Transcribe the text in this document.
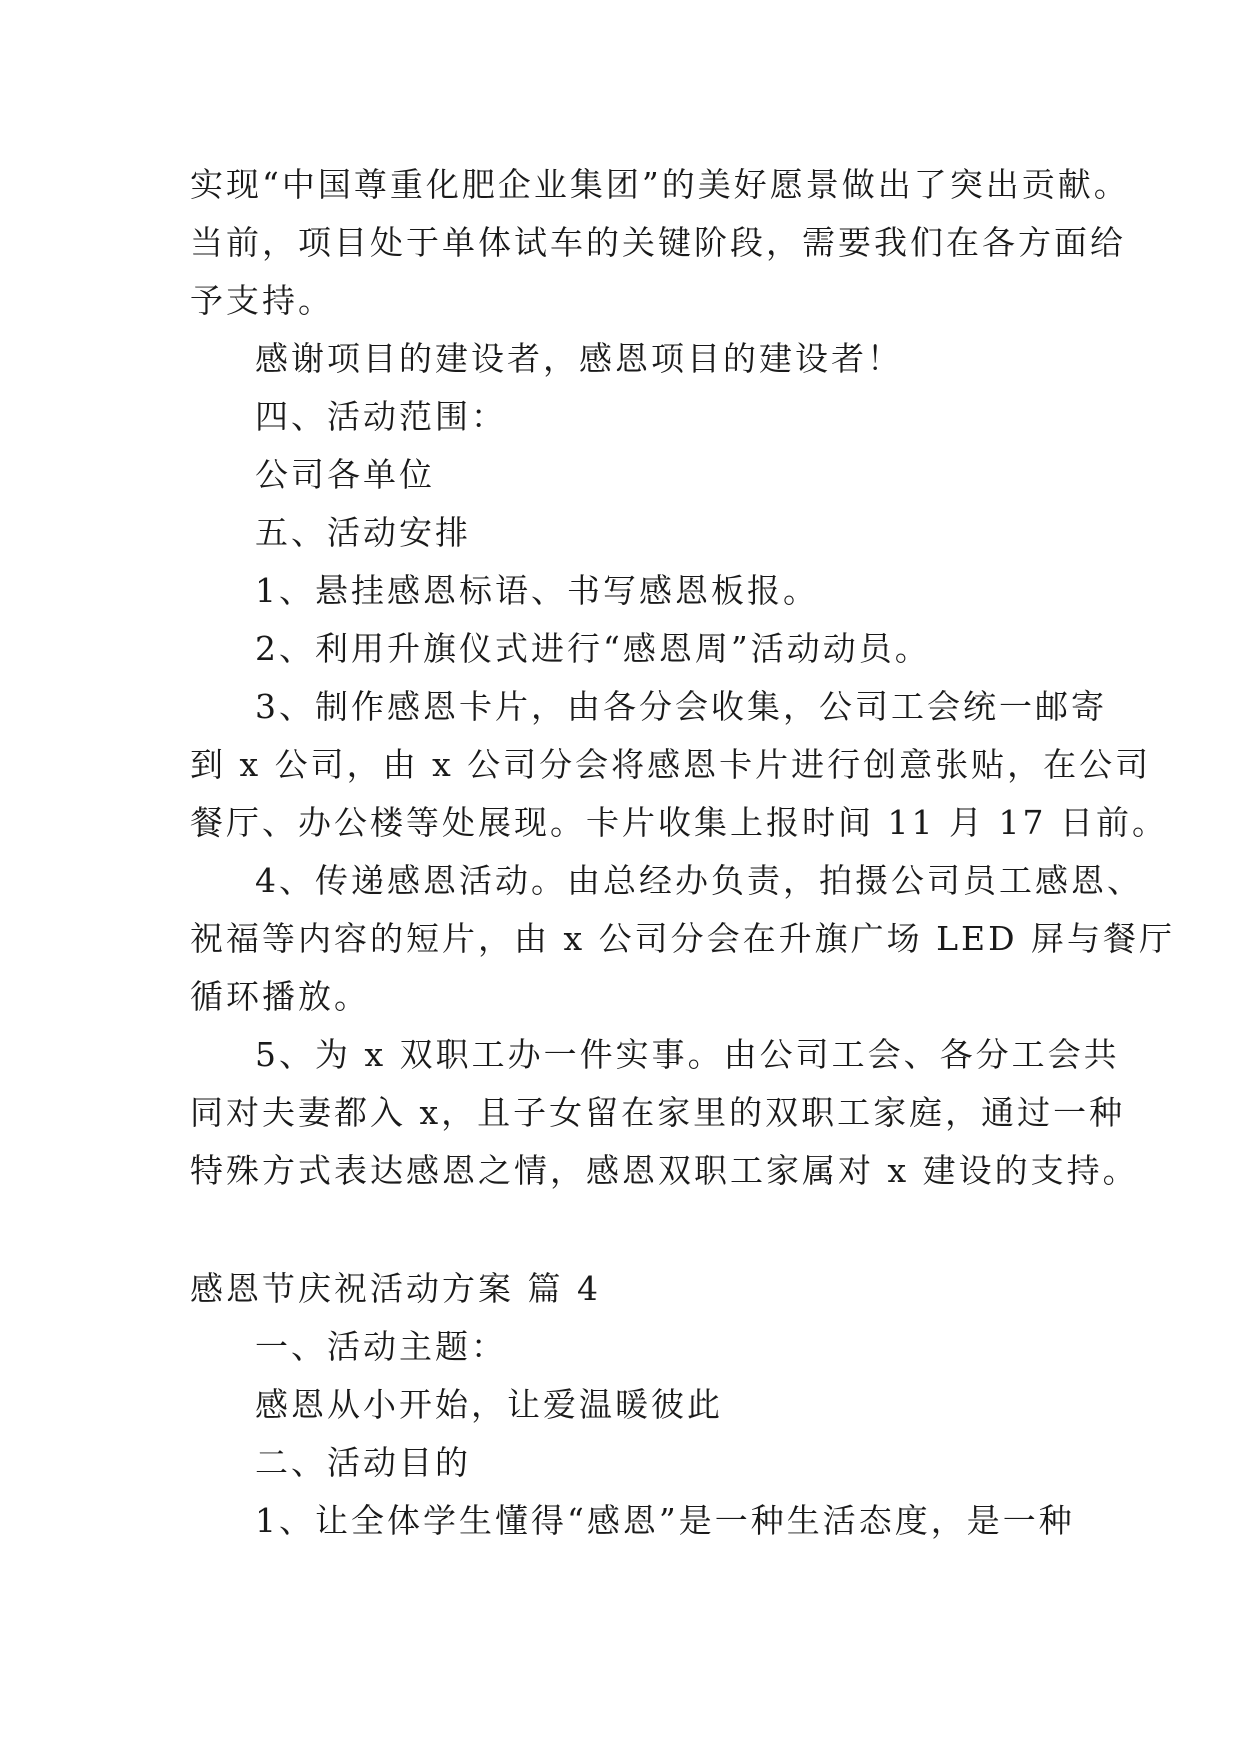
实现“中国尊重化肥企业集团”的美好愿景做出了突出贡献。
当前，项目处于单体试车的关键阶段，需要我们在各方面给
予支持。
感谢项目的建设者，感恩项目的建设者！
四、活动范围：
公司各单位
五、活动安排
1、悬挂感恩标语、书写感恩板报。
2、利用升旗仪式进行“感恩周”活动动员。
3、制作感恩卡片，由各分会收集，公司工会统一邮寄
到 x 公司，由 x 公司分会将感恩卡片进行创意张贴，在公司
餐厅、办公楼等处展现。卡片收集上报时间 11 月 17 日前。
4、传递感恩活动。由总经办负责，拍摄公司员工感恩、
祝福等内容的短片，由 x 公司分会在升旗广场 LED 屏与餐厅
循环播放。
5、为 x 双职工办一件实事。由公司工会、各分工会共
同对夫妻都入 x，且子女留在家里的双职工家庭，通过一种
特殊方式表达感恩之情，感恩双职工家属对 x 建设的支持。
感恩节庆祝活动方案 篇 4
一、活动主题：
感恩从小开始，让爱温暖彼此
二、活动目的
1、让全体学生懂得“感恩”是一种生活态度，是一种
